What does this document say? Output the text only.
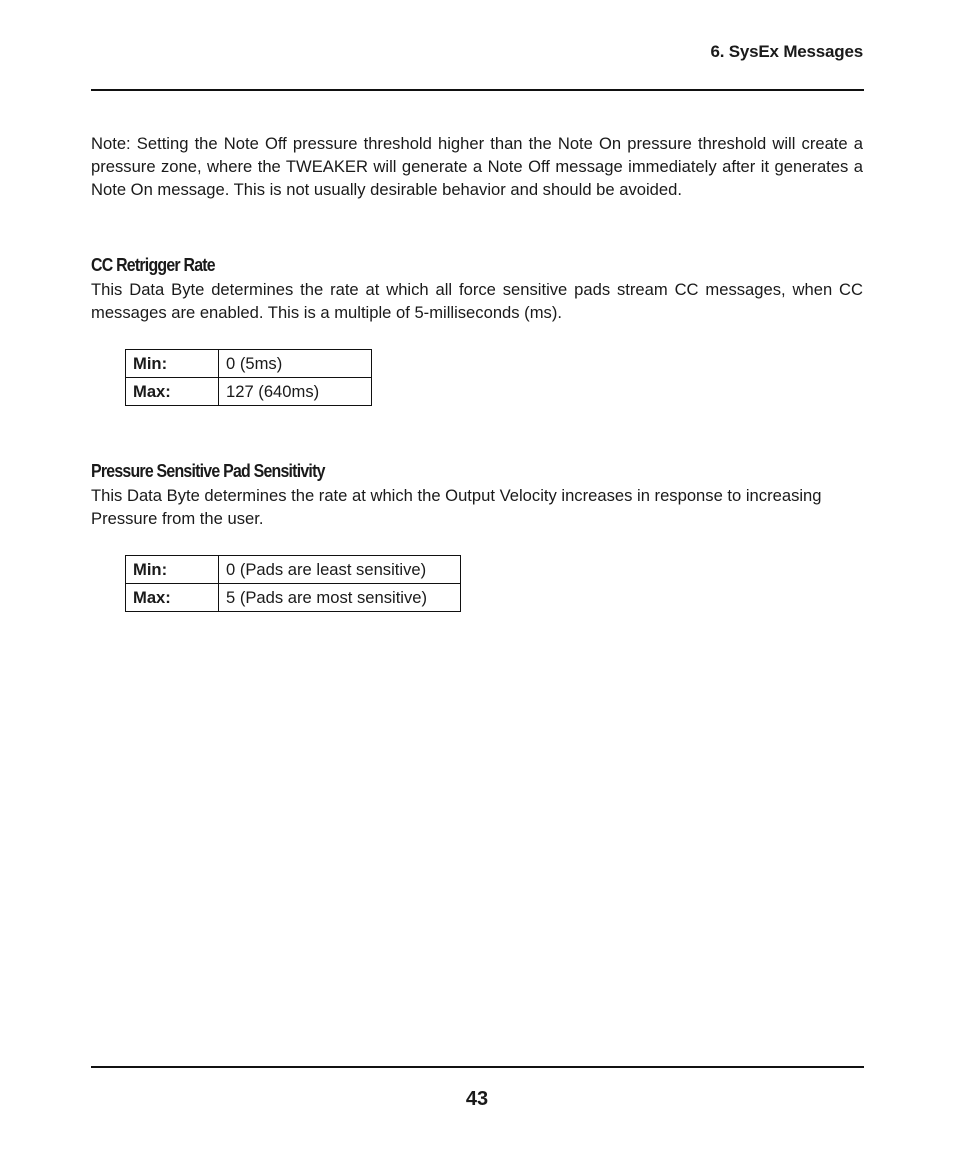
6. SysEx Messages

Note: Setting the Note Off pressure threshold higher than the Note On pressure threshold will create a pressure zone, where the TWEAKER will generate a Note Off message immediately after it generates a Note On message. This is not usually desirable behavior and should be avoided.

CC Retrigger Rate

This Data Byte determines the rate at which all force sensitive pads stream CC messages, when CC messages are enabled. This is a multiple of 5-milliseconds (ms).

Min:	0 (5ms)
Max:	127 (640ms)
Pressure Sensitive Pad Sensitivity

This Data Byte determines the rate at which the Output Velocity increases in response to increasing Pressure from the user.

Min:	0 (Pads are least sensitive)
Max:	5 (Pads are most sensitive)
43
